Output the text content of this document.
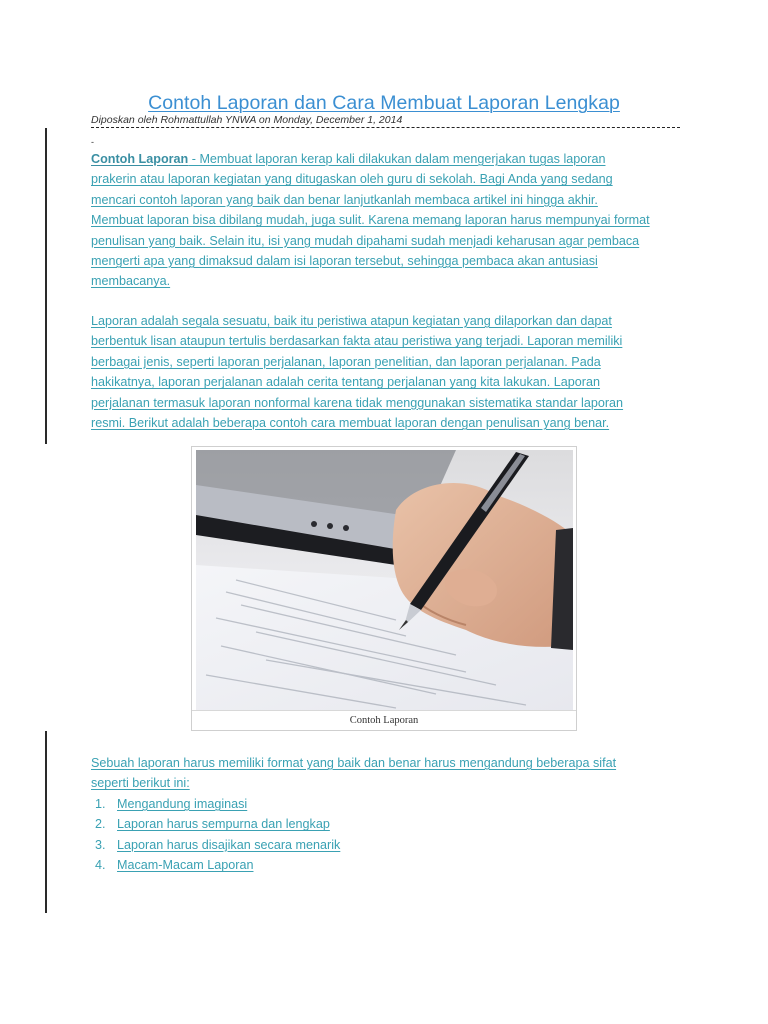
Contoh Laporan dan Cara Membuat Laporan Lengkap
Diposkan oleh Rohmattullah YNWA on Monday, December 1, 2014
-
Contoh Laporan - Membuat laporan kerap kali dilakukan dalam mengerjakan tugas laporan
prakerin atau laporan kegiatan yang ditugaskan oleh guru di sekolah. Bagi Anda yang sedang
mencari contoh laporan yang baik dan benar lanjutkanlah membaca artikel ini hingga akhir.
Membuat laporan bisa dibilang mudah, juga sulit. Karena memang laporan harus mempunyai format
penulisan yang baik. Selain itu, isi yang mudah dipahami sudah menjadi keharusan agar pembaca
mengerti apa yang dimaksud dalam isi laporan tersebut, sehingga pembaca akan antusiasi
membacanya.
Laporan adalah segala sesuatu, baik itu peristiwa atapun kegiatan yang dilaporkan dan dapat
berbentuk lisan ataupun tertulis berdasarkan fakta atau peristiwa yang terjadi. Laporan memiliki
berbagai jenis, seperti laporan perjalanan, laporan penelitian, dan laporan perjalanan. Pada
hakikatnya, laporan perjalanan adalah cerita tentang perjalanan yang kita lakukan. Laporan
perjalanan termasuk laporan nonformal karena tidak menggunakan sistematika standar laporan
resmi. Berikut adalah beberapa contoh cara membuat laporan dengan penulisan yang benar.
Contoh Laporan
Sebuah laporan harus memiliki format yang baik dan benar harus mengandung beberapa sifat
seperti berikut ini:
1. Mengandung imaginasi
2. Laporan harus sempurna dan lengkap
3. Laporan harus disajikan secara menarik
4. Macam-Macam Laporan
